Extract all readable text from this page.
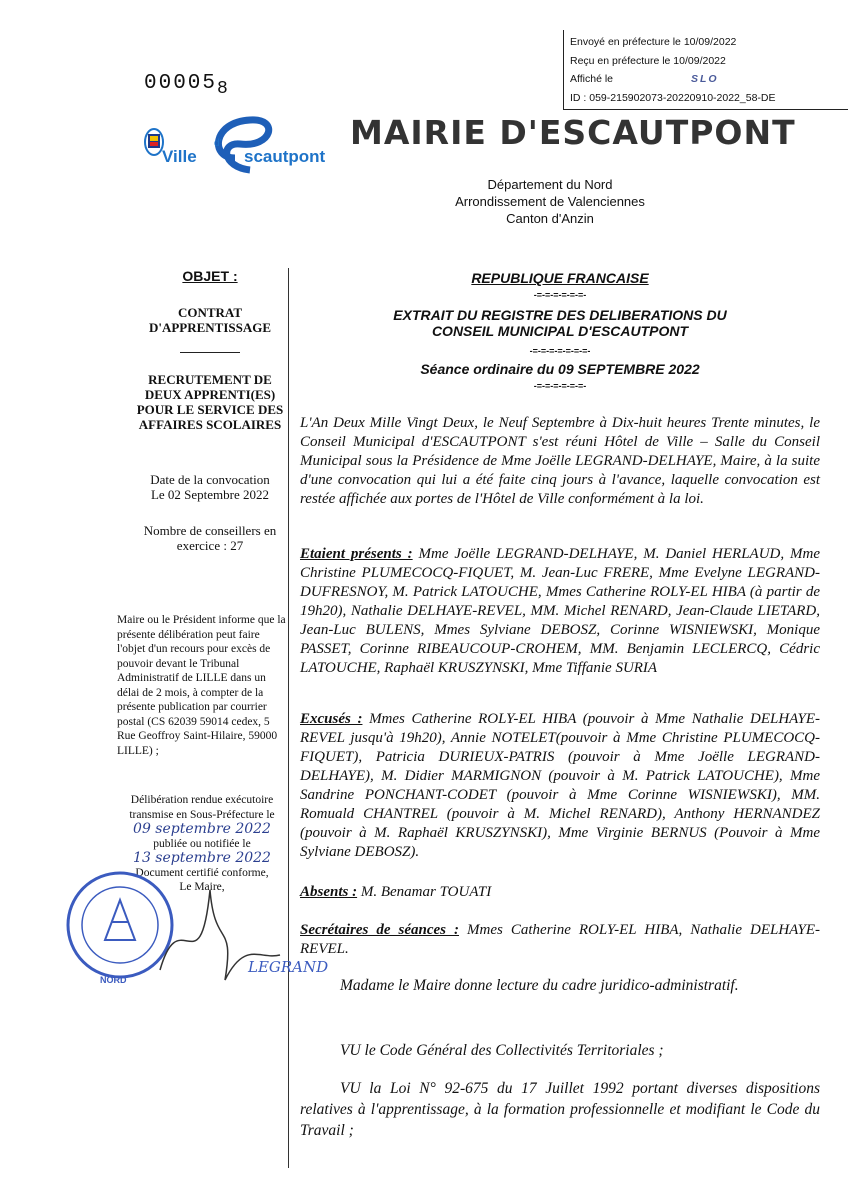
Envoyé en préfecture le 10/09/2022
Reçu en préfecture le 10/09/2022
Affiché le	SLO
ID : 059-215902073-20220910-2022_58-DE
000058
Ville
d'
scautpont
MAIRIE D'ESCAUTPONT
Département du Nord
Arrondissement de Valenciennes
Canton d'Anzin
OBJET :
CONTRAT
D'APPRENTISSAGE
RECRUTEMENT DE
DEUX APPRENTI(ES)
POUR LE SERVICE DES
AFFAIRES SCOLAIRES
Date de la convocation
Le 02 Septembre 2022
Nombre de conseillers en
exercice : 27
Maire ou le Président informe que la présente délibération peut faire l'objet d'un recours pour excès de pouvoir devant le Tribunal Administratif de LILLE dans un délai de 2 mois, à compter de la présente publication par courrier postal (CS 62039 59014 cedex, 5 Rue Geoffroy Saint-Hilaire, 59000 LILLE) ;
Délibération rendue exécutoire
transmise en Sous-Préfecture le
09 septembre 2022
publiée ou notifiée le
13 septembre 2022
Document certifié conforme,
Le Maire,
LEGRAND
NORD
REPUBLIQUE FRANCAISE
-=-=-=-=-=-=-
EXTRAIT DU REGISTRE DES DELIBERATIONS DU
CONSEIL MUNICIPAL D'ESCAUTPONT
-=-=-=-=-=-=-=-
Séance ordinaire du 09 SEPTEMBRE 2022
-=-=-=-=-=-=-
L'An Deux Mille Vingt Deux, le Neuf Septembre à Dix-huit heures Trente minutes, le Conseil Municipal d'ESCAUTPONT s'est réuni Hôtel de Ville – Salle du Conseil Municipal sous la Présidence de Mme Joëlle LEGRAND-DELHAYE, Maire, à la suite d'une convocation qui lui a été faite cinq jours à l'avance, laquelle convocation est restée affichée aux portes de l'Hôtel de Ville conformément à la loi.
Etaient présents : Mme Joëlle LEGRAND-DELHAYE, M. Daniel HERLAUD, Mme Christine PLUMECOCQ-FIQUET, M. Jean-Luc FRERE, Mme Evelyne LEGRAND-DUFRESNOY, M. Patrick LATOUCHE, Mmes Catherine ROLY-EL HIBA (à partir de 19h20), Nathalie DELHAYE-REVEL, MM. Michel RENARD, Jean-Claude LIETARD, Jean-Luc BULENS, Mmes Sylviane DEBOSZ, Corinne WISNIEWSKI, Monique PASSET, Corinne RIBEAUCOUP-CROHEM, MM. Benjamin LECLERCQ, Cédric LATOUCHE, Raphaël KRUSZYNSKI, Mme Tiffanie SURIA
Excusés : Mmes Catherine ROLY-EL HIBA (pouvoir à Mme Nathalie DELHAYE-REVEL jusqu'à 19h20), Annie NOTELET(pouvoir à Mme Christine PLUMECOCQ-FIQUET), Patricia DURIEUX-PATRIS (pouvoir à Mme Joëlle LEGRAND-DELHAYE), M. Didier MARMIGNON (pouvoir à M. Patrick LATOUCHE), Mme Sandrine PONCHANT-CODET (pouvoir à Mme Corinne WISNIEWSKI), MM. Romuald CHANTREL (pouvoir à M. Michel RENARD), Anthony HERNANDEZ (pouvoir à M. Raphaël KRUSZYNSKI), Mme Virginie BERNUS (Pouvoir à Mme Sylviane DEBOSZ).
Absents : M. Benamar TOUATI
Secrétaires de séances : Mmes Catherine ROLY-EL HIBA, Nathalie DELHAYE-REVEL.
Madame le Maire donne lecture du cadre juridico-administratif.
VU le Code Général des Collectivités Territoriales ;
VU la Loi N° 92-675 du 17 Juillet 1992 portant diverses dispositions relatives à l'apprentissage, à la formation professionnelle et modifiant le Code du Travail ;
